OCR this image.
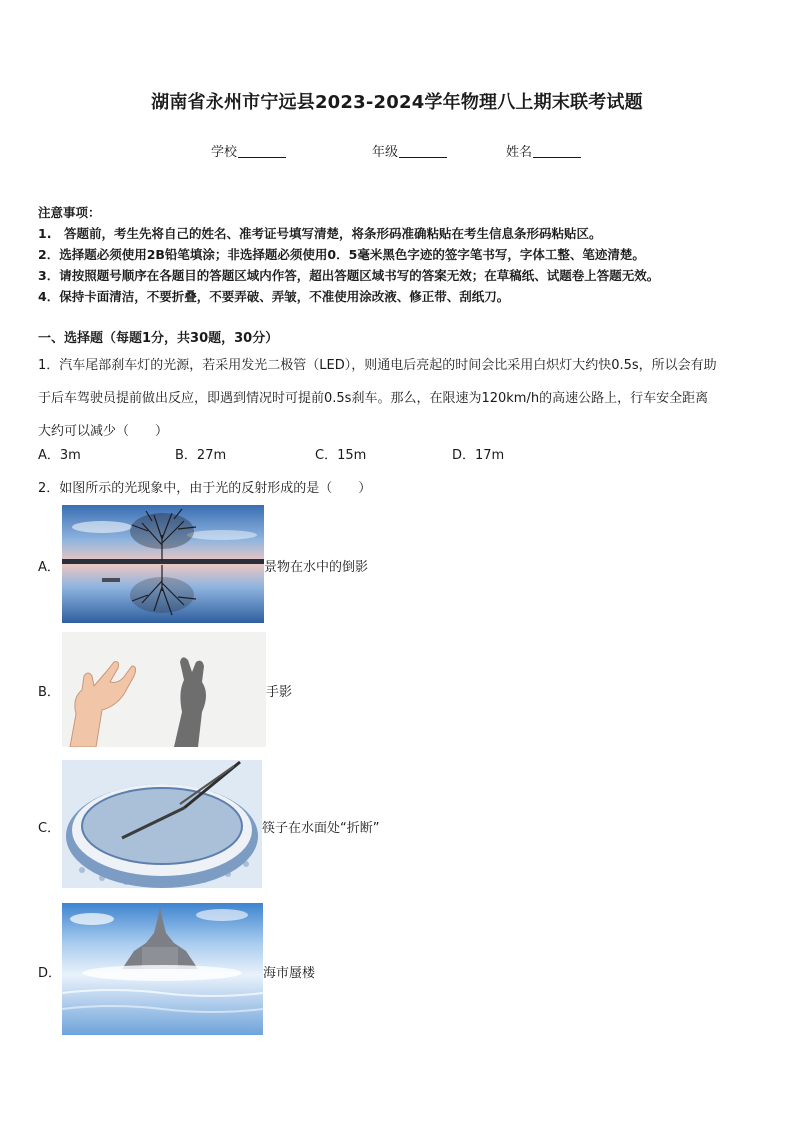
湖南省永州市宁远县2023-2024学年物理八上期末联考试题
学校	年级	姓名
注意事项：
1.　答题前，考生先将自己的姓名、准考证号填写清楚，将条形码准确粘贴在考生信息条形码粘贴区。
2．选择题必须使用2B铅笔填涂；非选择题必须使用0．5毫米黑色字迹的签字笔书写，字体工整、笔迹清楚。
3．请按照题号顺序在各题目的答题区域内作答，超出答题区域书写的答案无效；在草稿纸、试题卷上答题无效。
4．保持卡面清洁，不要折叠，不要弄破、弄皱，不准使用涂改液、修正带、刮纸刀。
一、选择题（每题1分，共30题，30分）
1．汽车尾部刹车灯的光源，若采用发光二极管（LED），则通电后亮起的时间会比采用白炽灯大约快0.5s，所以会有助
于后车驾驶员提前做出反应，即遇到情况时可提前0.5s刹车。那么，在限速为120km/h的高速公路上，行车安全距离
大约可以减少（　　）
A．3m	B．27m	C．15m	D．17m
2．如图所示的光现象中，由于光的反射形成的是（　　）
A．	景物在水中的倒影
B．	手影
C．	筷子在水面处“折断”
D．	海市蜃楼
